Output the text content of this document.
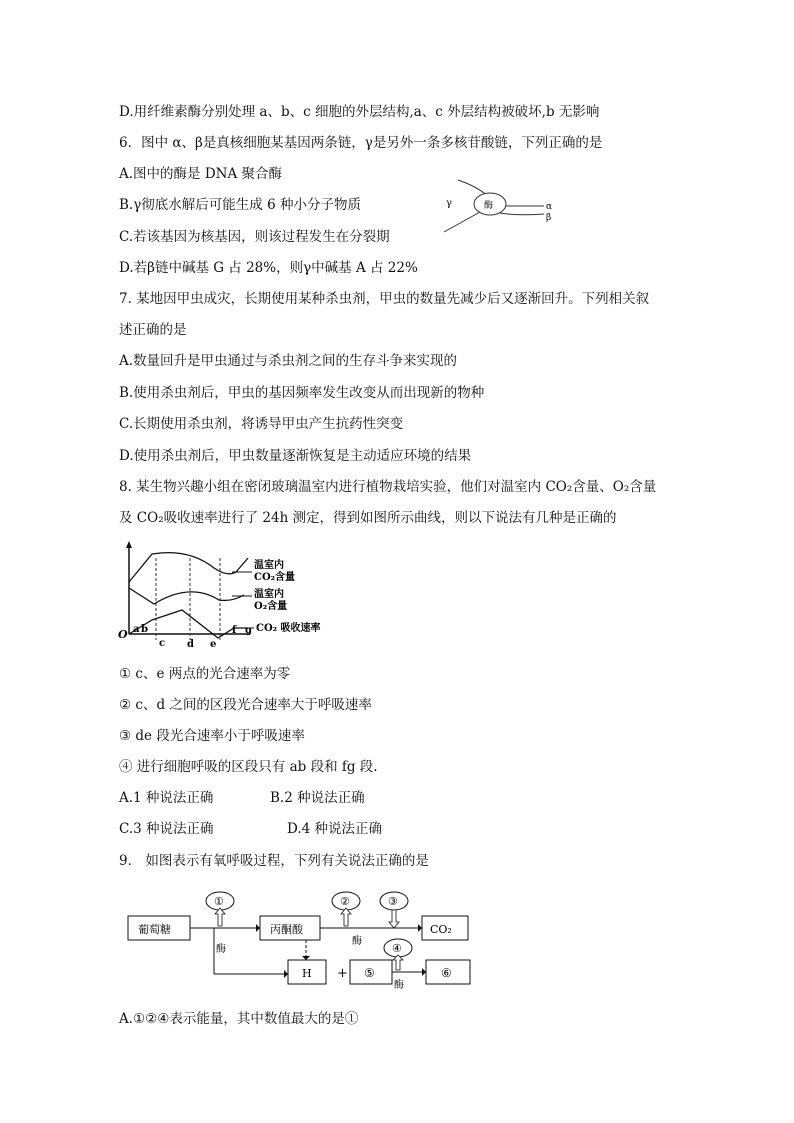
D.用纤维素酶分别处理 a、b、c 细胞的外层结构,a、c 外层结构被破坏,b 无影响
6．图中 α、β是真核细胞某基因两条链，γ是另外一条多核苷酸链，下列正确的是
A.图中的酶是 DNA 聚合酶
B.γ彻底水解后可能生成 6 种小分子物质
C.若该基因为核基因，则该过程发生在分裂期
D.若β链中碱基 G 占 28%，则γ中碱基 A 占 22%
酶
γ	α
β
7. 某地因甲虫成灾，长期使用某种杀虫剂，甲虫的数量先减少后又逐渐回升。下列相关叙
述正确的是
A.数量回升是甲虫通过与杀虫剂之间的生存斗争来实现的
B.使用杀虫剂后，甲虫的基因频率发生改变从而出现新的物种
C.长期使用杀虫剂，将诱导甲虫产生抗药性突变
D.使用杀虫剂后，甲虫数量逐渐恢复是主动适应环境的结果
8. 某生物兴趣小组在密闭玻璃温室内进行植物栽培实验，他们对温室内 CO₂含量、O₂含量
及 CO₂吸收速率进行了 24h 测定，得到如图所示曲线，则以下说法有几种是正确的
O
温室内
CO₂含量
温室内
O₂含量
CO₂ 吸收速率
a b
c d e
f g
① c、e 两点的光合速率为零
② c、d 之间的区段光合速率大于呼吸速率
③ de 段光合速率小于呼吸速率
④ 进行细胞呼吸的区段只有 ab 段和 fg 段.
A.1 种说法正确	B.2 种说法正确
C.3 种说法正确	D.4 种说法正确
9． 如图表示有氧呼吸过程，下列有关说法正确的是
葡萄糖	丙酮酸	CO₂
H + ⑤	⑥
①	②	③
④
酶
酶
酶
A.①②④表示能量，其中数值最大的是①
